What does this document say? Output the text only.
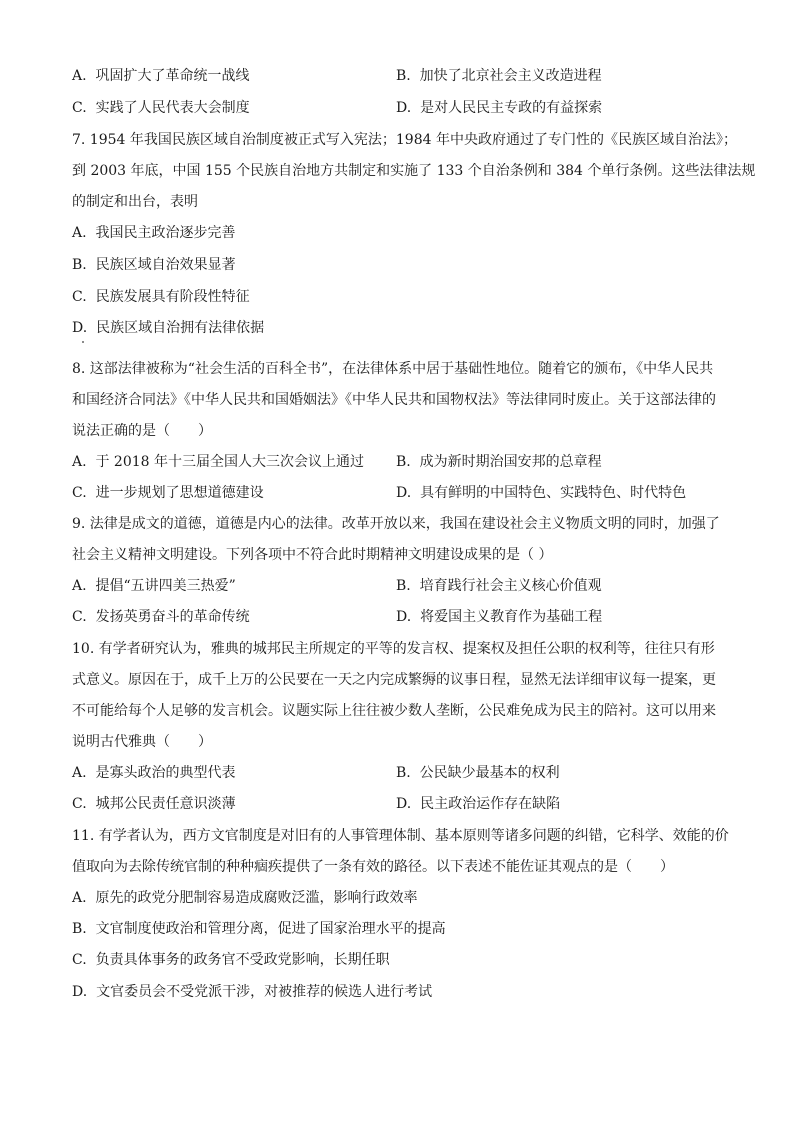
A. 巩固扩大了革命统一战线	B. 加快了北京社会主义改造进程
C. 实践了人民代表大会制度	D. 是对人民民主专政的有益探索
7. 1954 年我国民族区域自治制度被正式写入宪法；1984 年中央政府通过了专门性的《民族区域自治法》；
到 2003 年底，中国 155 个民族自治地方共制定和实施了 133 个自治条例和 384 个单行条例。这些法律法规
的制定和出台，表明
A. 我国民主政治逐步完善
B. 民族区域自治效果显著
C. 民族发展具有阶段性特征
D. 民族区域自治拥有法律依据
8. 这部法律被称为“社会生活的百科全书”，在法律体系中居于基础性地位。随着它的颁布，《中华人民共
和国经济合同法》《中华人民共和国婚姻法》《中华人民共和国物权法》等法律同时废止。关于这部法律的
说法正确的是（　　）
A. 于 2018 年十三届全国人大三次会议上通过 B. 成为新时期治国安邦的总章程
C. 进一步规划了思想道德建设	D. 具有鲜明的中国特色、实践特色、时代特色
9. 法律是成文的道德，道德是内心的法律。改革开放以来，我国在建设社会主义物质文明的同时，加强了
社会主义精神文明建设。下列各项中不符合此时期精神文明建设成果的是（ ）
A. 提倡“五讲四美三热爱”	B. 培育践行社会主义核心价值观
C. 发扬英勇奋斗的革命传统	D. 将爱国主义教育作为基础工程
10. 有学者研究认为，雅典的城邦民主所规定的平等的发言权、提案权及担任公职的权利等，往往只有形
式意义。原因在于，成千上万的公民要在一天之内完成繁缛的议事日程，显然无法详细审议每一提案，更
不可能给每个人足够的发言机会。议题实际上往往被少数人垄断，公民难免成为民主的陪衬。这可以用来
说明古代雅典（　　）
A. 是寡头政治的典型代表	B. 公民缺少最基本的权利
C. 城邦公民责任意识淡薄	D. 民主政治运作存在缺陷
11. 有学者认为，西方文官制度是对旧有的人事管理体制、基本原则等诸多问题的纠错，它科学、效能的价
值取向为去除传统官制的种种痼疾提供了一条有效的路径。以下表述不能佐证其观点的是（　　）
A. 原先的政党分肥制容易造成腐败泛滥，影响行政效率
B. 文官制度使政治和管理分离，促进了国家治理水平的提高
C. 负责具体事务的政务官不受政党影响，长期任职
D. 文官委员会不受党派干涉，对被推荐的候选人进行考试
